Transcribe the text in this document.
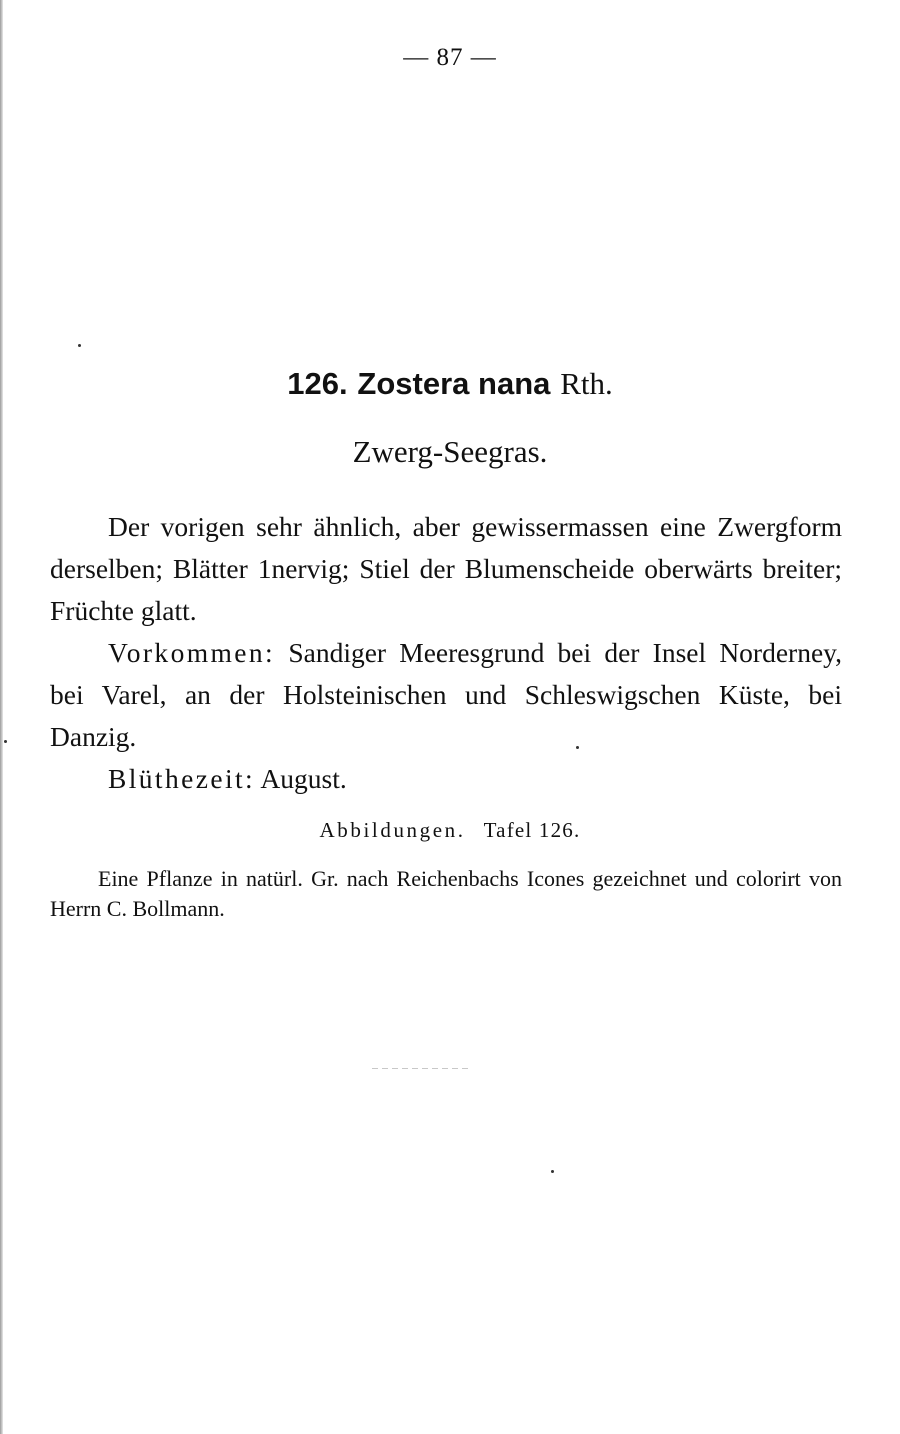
— 87 —
126. Zostera nana Rth.
Zwerg-Seegras.

Der vorigen sehr ähnlich, aber gewissermassen eine Zwergform derselben; Blätter 1nervig; Stiel der Blumenscheide oberwärts breiter; Früchte glatt.

Vorkommen: Sandiger Meeresgrund bei der Insel Norderney, bei Varel, an der Holsteinischen und Schleswigschen Küste, bei Danzig.

Blüthezeit: August.

Abbildungen. Tafel 126.

Eine Pflanze in natürl. Gr. nach Reichenbachs Icones gezeichnet und colorirt von Herrn C. Bollmann.
